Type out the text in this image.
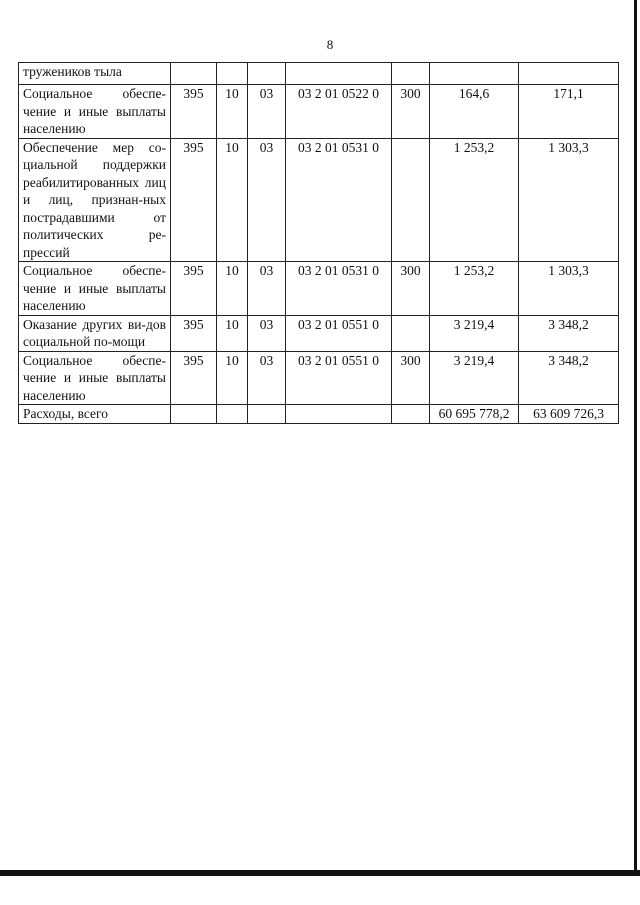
8
тружеников тыла							
Социальное обеспе-чение и иные выплаты населению	395	10	03	03 2 01 0522 0	300	164,6	171,1
Обеспечение мер со-циальной поддержки реабилитированных лиц и лиц, признан-ных пострадавшими от политических ре-прессий	395	10	03	03 2 01 0531 0		1 253,2	1 303,3
Социальное обеспе-чение и иные выплаты населению	395	10	03	03 2 01 0531 0	300	1 253,2	1 303,3
Оказание других ви-дов социальной по-мощи	395	10	03	03 2 01 0551 0		3 219,4	3 348,2
Социальное обеспе-чение и иные выплаты населению	395	10	03	03 2 01 0551 0	300	3 219,4	3 348,2
Расходы, всего						60 695 778,2	63 609 726,3
